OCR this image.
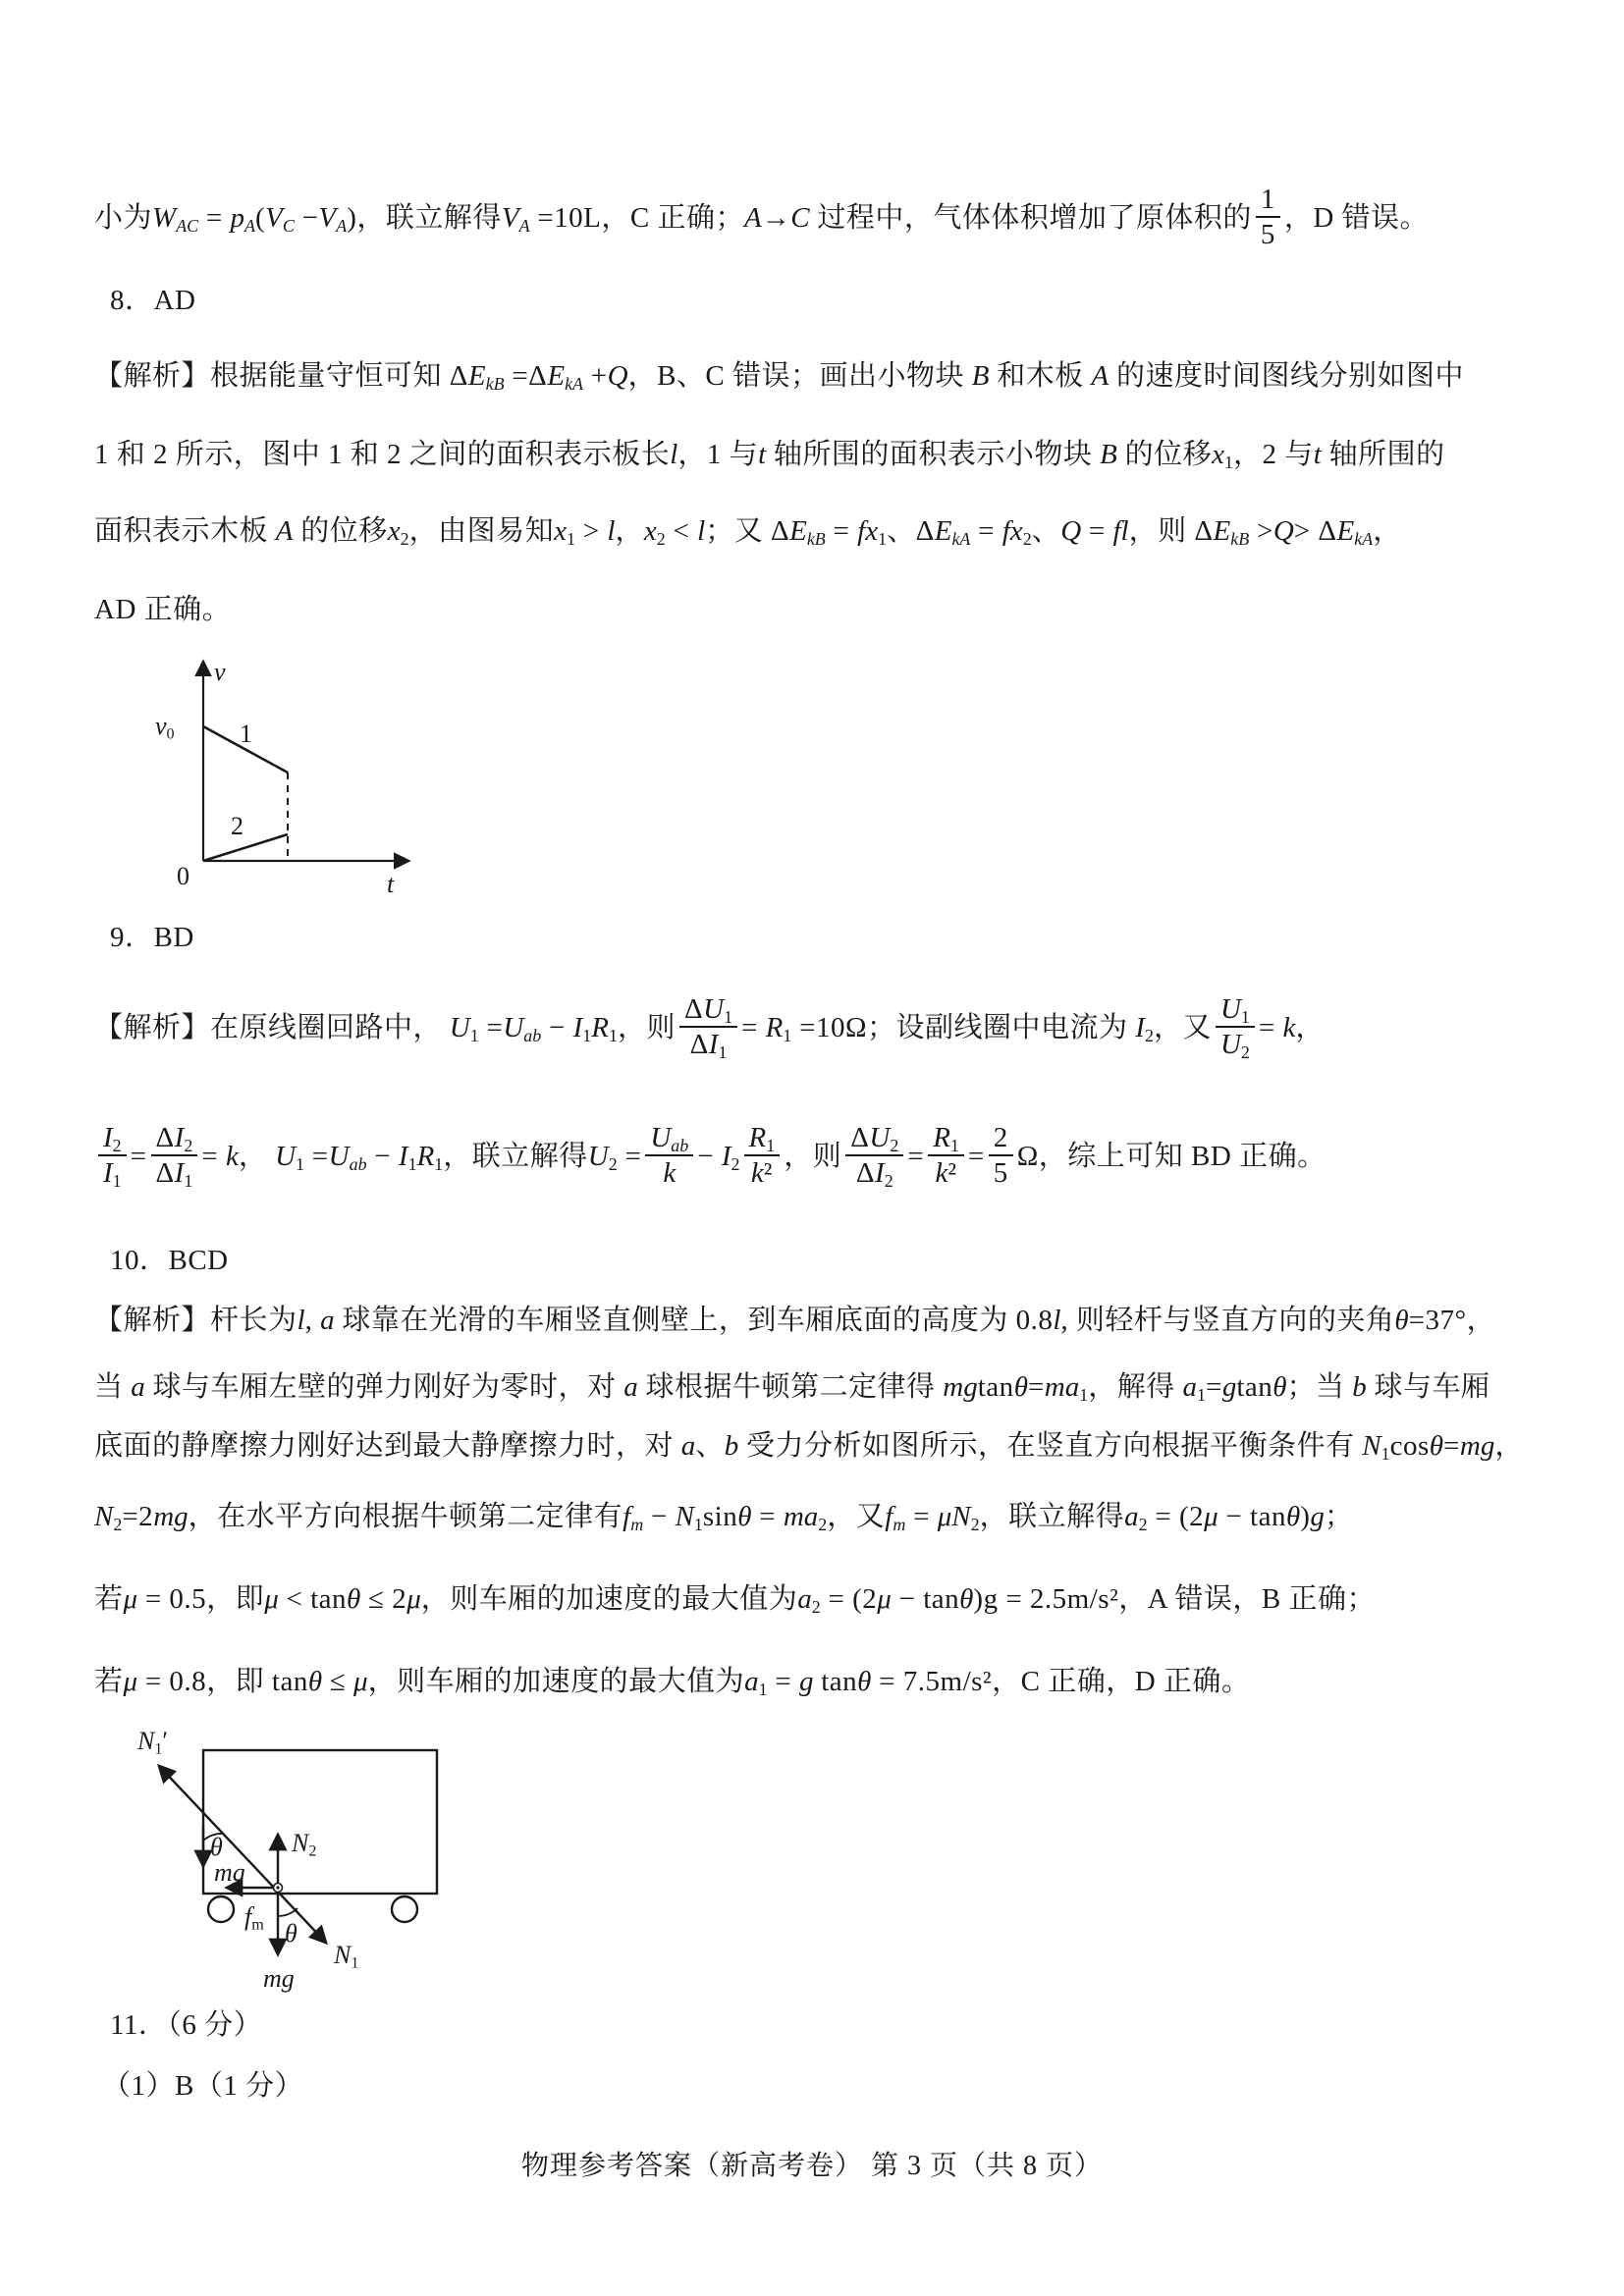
小为$W_{AC} = p_A(V_C -V_A)$，联立解得$V_A =10L$，C 正确；A→C 过程中，气体体积增加了原体积的 $\frac{1}{5}$ ，D 错误。
8．AD
【解析】根据能量守恒可知 $\Delta E_{kB} =\Delta E_{kA} +Q$，B、C 错误；画出小物块 B 和木板 A 的速度时间图线分别如图中
1 和 2 所示，图中 1 和 2 之间的面积表示板长l，1 与t 轴所围的面积表示小物块 B 的位移$x_1$，2 与t 轴所围的
面积表示木板 A 的位移$x_2$，由图易知$x_1 > l$，$x_2 < l$；又 $\Delta E_{kB} = fx_1$、$\Delta E_{kA} = fx_2$、Q = fl，则 $\Delta E_{kB} >Q> \Delta E_{kA}$，
AD 正确。
v
$v_0$	1
2
0	t
9．BD
【解析】在原线圈回路中， $U_1 =U_{ab} - I_1R_1$，则 $\frac{\Delta U_1}{\Delta I_1} = R_1 =10\Omega$；设副线圈中电流为 $I_2$，又 $\frac{U_1}{U_2} = k$，
$\frac{I_2}{I_1} = \frac{\Delta I_2}{\Delta I_1} = k$， $U_1 =U_{ab} - I_1R_1$，联立解得$U_2 = \frac{U_{ab}}{k} - I_2 \frac{R_1}{\text{k²}}$ ，则 $\frac{\Delta U_2}{\Delta I_2} = \frac{R_1}{\text{k²}} = \frac{2}{5}$ Ω，综上可知 BD 正确。
10．BCD
【解析】杆长为l, a 球靠在光滑的车厢竖直侧壁上，到车厢底面的高度为 0.8l, 则轻杆与竖直方向的夹角θ=37°，
当 a 球与车厢左壁的弹力刚好为零时，对 a 球根据牛顿第二定律得 $mgtan\theta=ma_1$，解得 $a_1=gtan\theta$；当 b 球与车厢
底面的静摩擦力刚好达到最大静摩擦力时，对 a、b 受力分析如图所示，在竖直方向根据平衡条件有 $N_1\cos\theta=mg$，
$N_2=2mg$，在水平方向根据牛顿第二定律有$f_m - N_1\sin\theta = ma_2$，又$f_m = \mu N_2$，联立解得$a_2 = (2\mu - \tan\theta)g$；
若μ = 0.5，即μ < tanθ ≤ 2μ，则车厢的加速度的最大值为$a_2 = (2\mu - \tan\theta)g = 2.5m/s^2$，A 错误，B 正确；
若μ = 0.8，即 tanθ ≤ μ，则车厢的加速度的最大值为$a_1 = g$ tanθ = 7.5m/s²，C 正确，D 正确。
$N_1'$
θ
mg
$N_2$
$f_m$ θ
$N_1$
mg
11．（6 分）
（1）B（1 分）
物理参考答案（新高考卷） 第 3 页（共 8 页）
